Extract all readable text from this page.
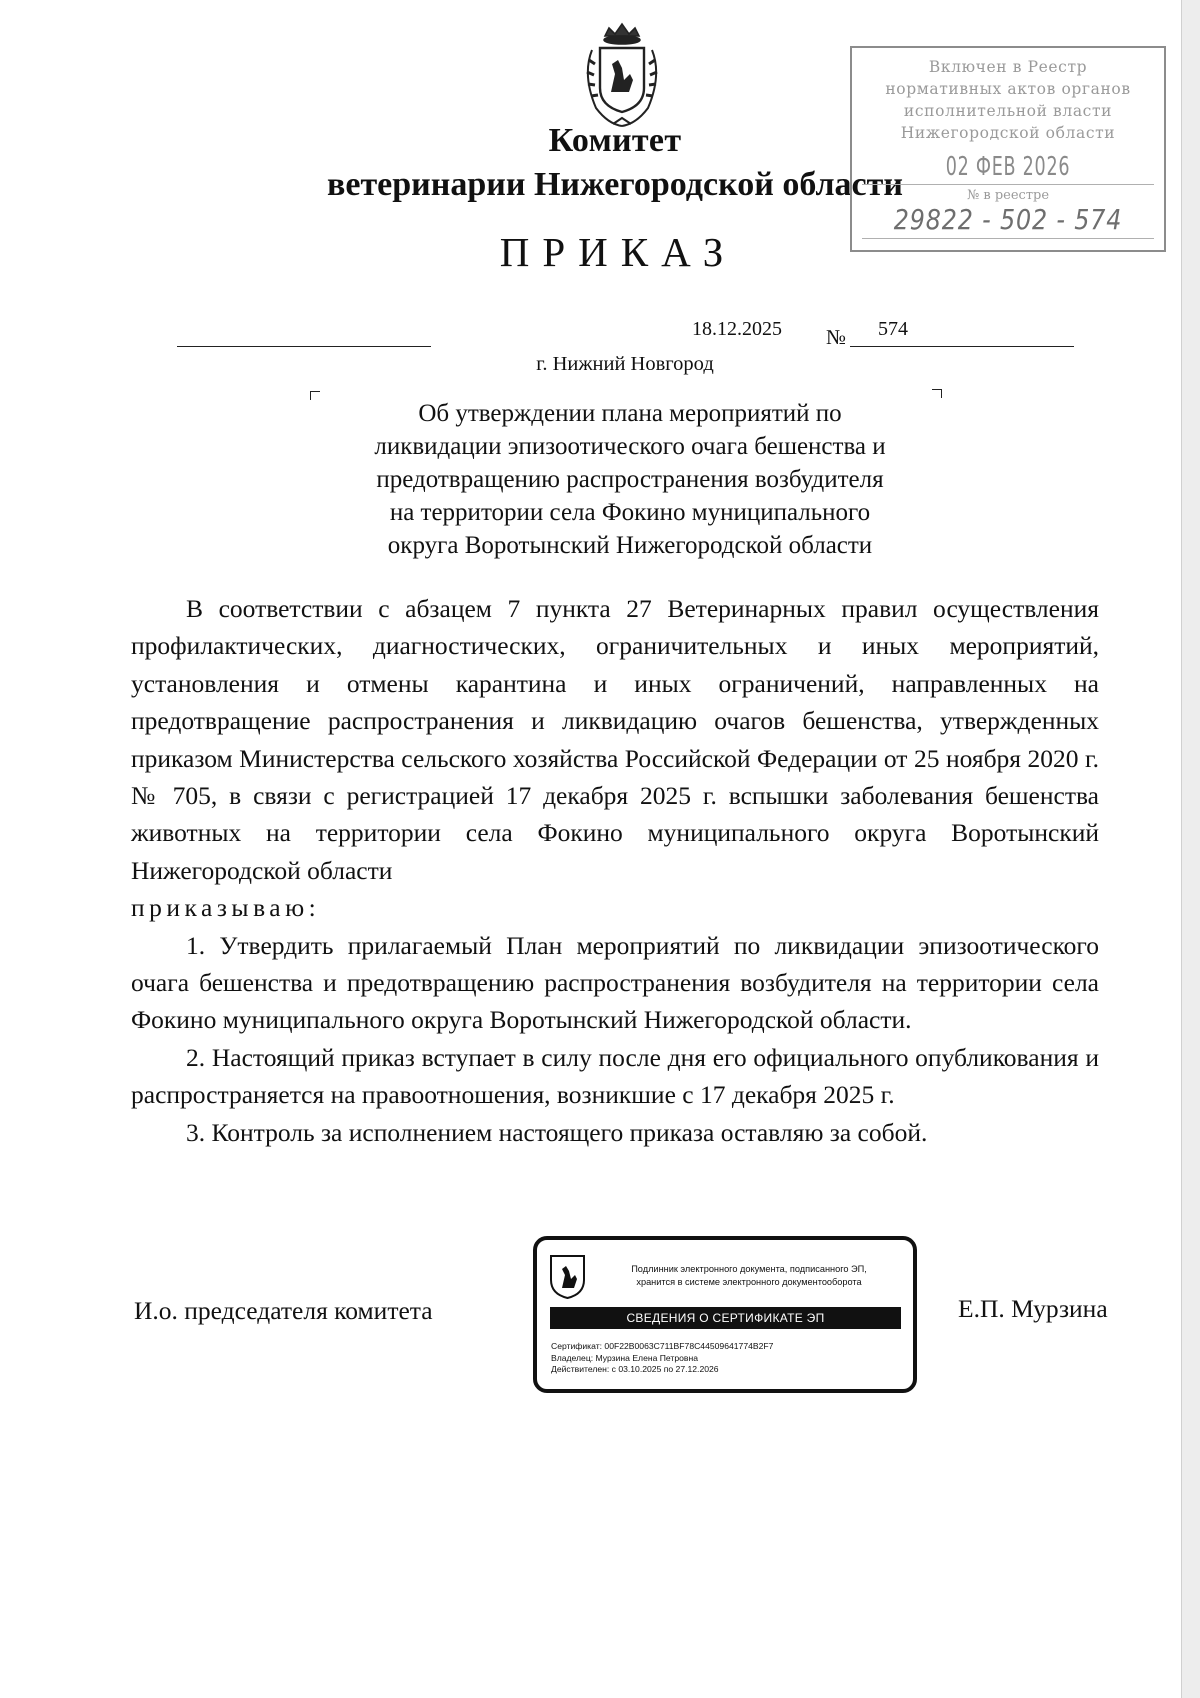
Комитет
ветеринарии Нижегородской области
ПРИКАЗ
Включен в Реестр
нормативных актов органов
исполнительной власти
Нижегородской области
02 ФЕВ 2026
№ в реестре
29822 - 502 - 574
18.12.2025 № 574
г. Нижний Новгород
Об утверждении плана мероприятий по
ликвидации эпизоотического очага бешенства и
предотвращению распространения возбудителя
на территории села Фокино муниципального
округа Воротынский Нижегородской области

В соответствии с абзацем 7 пункта 27 Ветеринарных правил осуществления профилактических, диагностических, ограничительных и иных мероприятий, установления и отмены карантина и иных ограничений, направленных на предотвращение распространения и ликвидацию очагов бешенства, утвержденных приказом Министерства сельского хозяйства Российской Федерации от 25 ноября 2020 г. № 705, в связи с регистрацией 17 декабря 2025 г. вспышки заболевания бешенства животных на территории села Фокино муниципального округа Воротынский Нижегородской области

приказываю:

1. Утвердить прилагаемый План мероприятий по ликвидации эпизоотического очага бешенства и предотвращению распространения возбудителя на территории села Фокино муниципального округа Воротынский Нижегородской области.

2. Настоящий приказ вступает в силу после дня его официального опубликования и распространяется на правоотношения, возникшие с 17 декабря 2025 г.

3. Контроль за исполнением настоящего приказа оставляю за собой.

И.о. председателя комитета	Е.П. Мурзина
Подлинник электронного документа, подписанного ЭП,
хранится в системе электронного документооборота
СВЕДЕНИЯ О СЕРТИФИКАТЕ ЭП
Сертификат: 00F22B0063C711BF78C44509641774B2F7
Владелец: Мурзина Елена Петровна
Действителен: с 03.10.2025 по 27.12.2026
